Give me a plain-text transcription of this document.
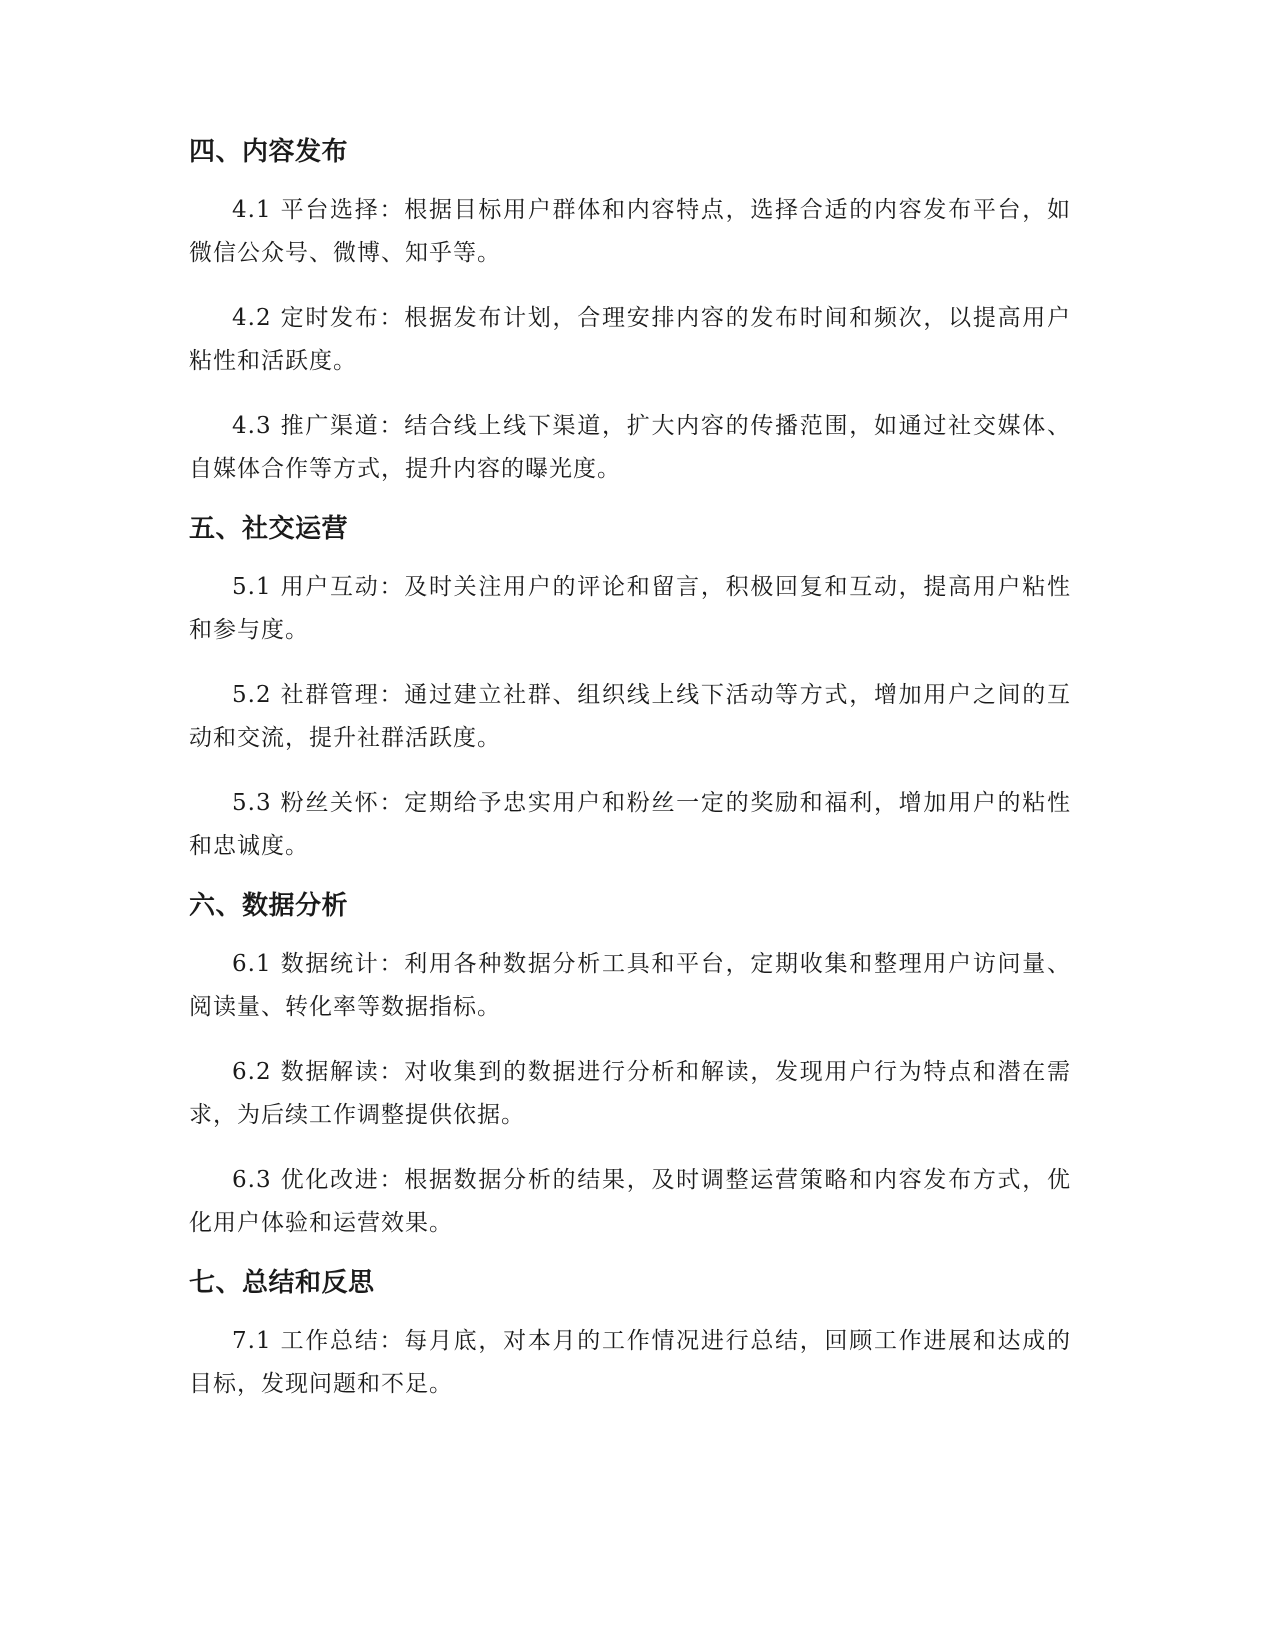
四、内容发布

4.1 平台选择：根据目标用户群体和内容特点，选择合适的内容发布平台，如微信公众号、微博、知乎等。

4.2 定时发布：根据发布计划，合理安排内容的发布时间和频次，以提高用户粘性和活跃度。

4.3 推广渠道：结合线上线下渠道，扩大内容的传播范围，如通过社交媒体、自媒体合作等方式，提升内容的曝光度。

五、社交运营

5.1 用户互动：及时关注用户的评论和留言，积极回复和互动，提高用户粘性和参与度。

5.2 社群管理：通过建立社群、组织线上线下活动等方式，增加用户之间的互动和交流，提升社群活跃度。

5.3 粉丝关怀：定期给予忠实用户和粉丝一定的奖励和福利，增加用户的粘性和忠诚度。

六、数据分析

6.1 数据统计：利用各种数据分析工具和平台，定期收集和整理用户访问量、阅读量、转化率等数据指标。

6.2 数据解读：对收集到的数据进行分析和解读，发现用户行为特点和潜在需求，为后续工作调整提供依据。

6.3 优化改进：根据数据分析的结果，及时调整运营策略和内容发布方式，优化用户体验和运营效果。

七、总结和反思

7.1 工作总结：每月底，对本月的工作情况进行总结，回顾工作进展和达成的目标，发现问题和不足。
